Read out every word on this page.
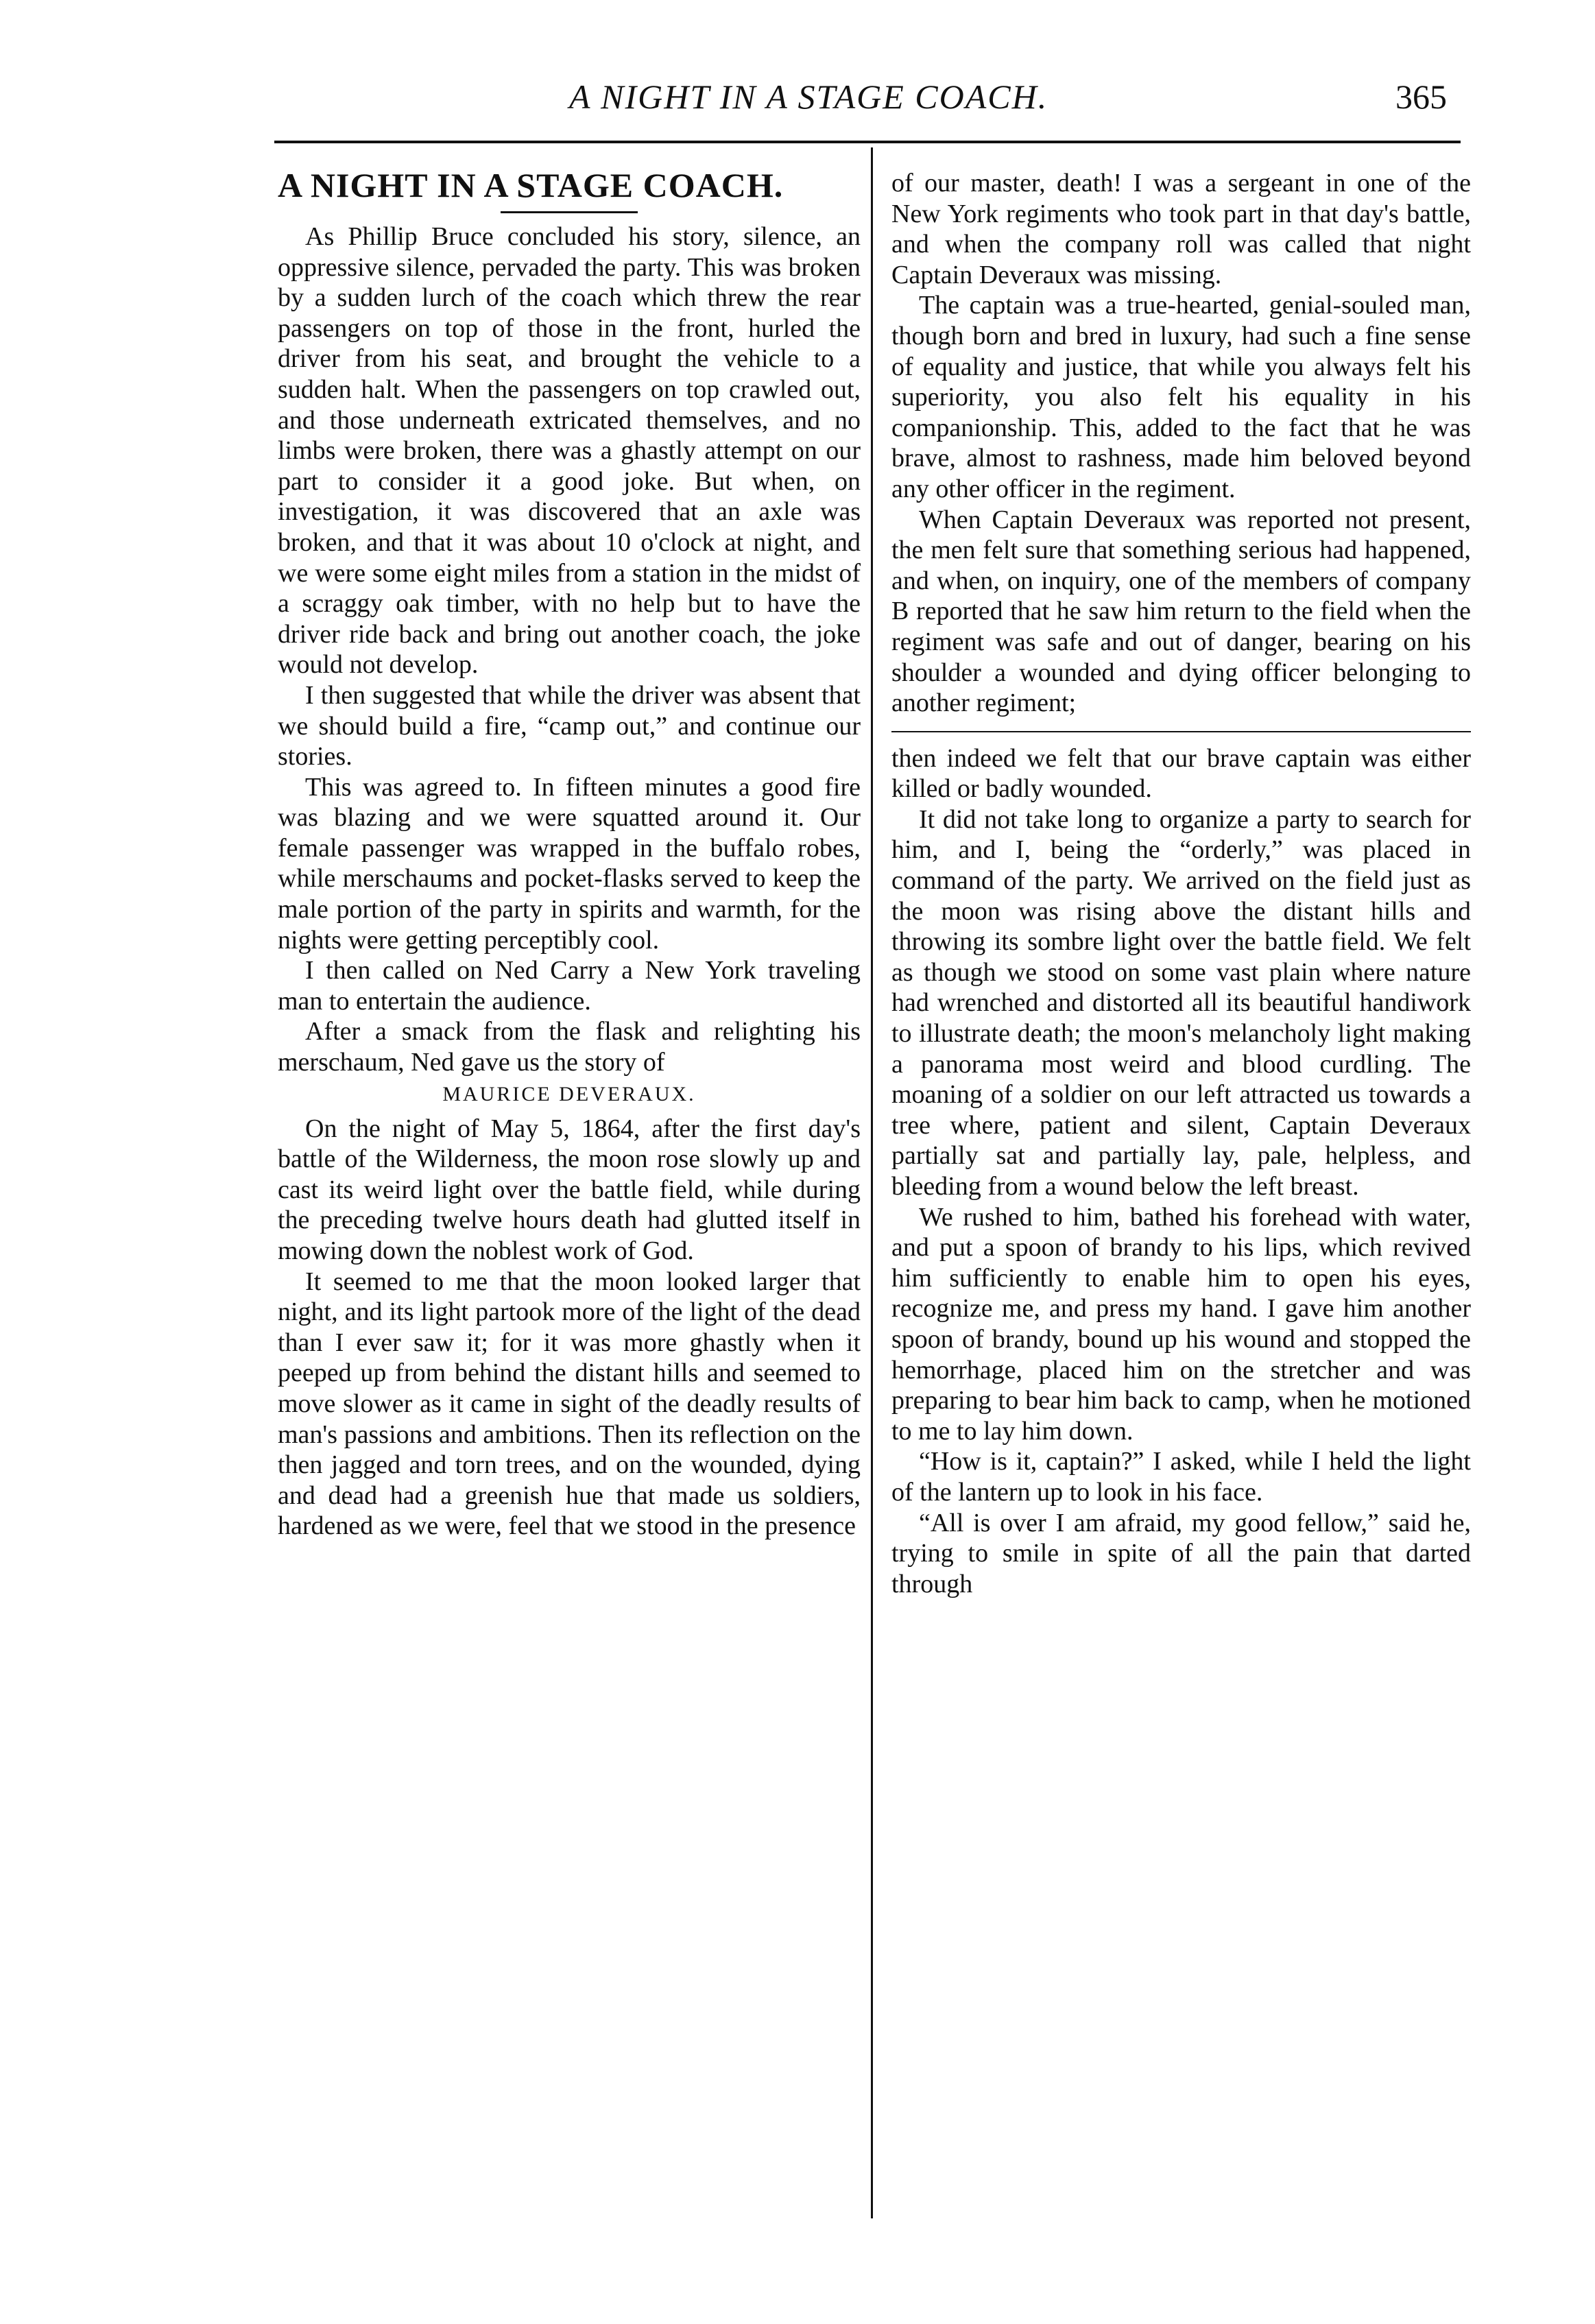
A NIGHT IN A STAGE COACH.	365
A NIGHT IN A STAGE COACH.

As Phillip Bruce concluded his story, silence, an oppressive silence, pervaded the party. This was broken by a sudden lurch of the coach which threw the rear passengers on top of those in the front, hurled the driver from his seat, and brought the vehicle to a sudden halt. When the passengers on top crawled out, and those underneath extricated themselves, and no limbs were broken, there was a ghastly attempt on our part to consider it a good joke. But when, on investigation, it was discovered that an axle was broken, and that it was about 10 o'clock at night, and we were some eight miles from a station in the midst of a scraggy oak timber, with no help but to have the driver ride back and bring out another coach, the joke would not develop.

I then suggested that while the driver was absent that we should build a fire, “camp out,” and continue our stories.

This was agreed to. In fifteen minutes a good fire was blazing and we were squatted around it. Our female passenger was wrapped in the buffalo robes, while merschaums and pocket-flasks served to keep the male portion of the party in spirits and warmth, for the nights were getting perceptibly cool.

I then called on Ned Carry a New York traveling man to entertain the audience.

After a smack from the flask and relighting his merschaum, Ned gave us the story of

MAURICE DEVERAUX.

On the night of May 5, 1864, after the first day's battle of the Wilderness, the moon rose slowly up and cast its weird light over the battle field, while during the preceding twelve hours death had glutted itself in mowing down the noblest work of God.

It seemed to me that the moon looked larger that night, and its light partook more of the light of the dead than I ever saw it; for it was more ghastly when it peeped up from behind the distant hills and seemed to move slower as it came in sight of the deadly results of man's passions and ambitions. Then its reflection on the then jagged and torn trees, and on the wounded, dying and dead had a greenish hue that made us soldiers, hardened as we were, feel that we stood in the presence

of our master, death! I was a sergeant in one of the New York regiments who took part in that day's battle, and when the company roll was called that night Captain Deveraux was missing.

The captain was a true-hearted, genial-souled man, though born and bred in luxury, had such a fine sense of equality and justice, that while you always felt his superiority, you also felt his equality in his companionship. This, added to the fact that he was brave, almost to rashness, made him beloved beyond any other officer in the regiment.

When Captain Deveraux was reported not present, the men felt sure that something serious had happened, and when, on inquiry, one of the members of company B reported that he saw him return to the field when the regiment was safe and out of danger, bearing on his shoulder a wounded and dying officer belonging to another regiment;

then indeed we felt that our brave captain was either killed or badly wounded.

It did not take long to organize a party to search for him, and I, being the “orderly,” was placed in command of the party. We arrived on the field just as the moon was rising above the distant hills and throwing its sombre light over the battle field. We felt as though we stood on some vast plain where nature had wrenched and distorted all its beautiful handiwork to illustrate death; the moon's melancholy light making a panorama most weird and blood curdling. The moaning of a soldier on our left attracted us towards a tree where, patient and silent, Captain Deveraux partially sat and partially lay, pale, helpless, and bleeding from a wound below the left breast.

We rushed to him, bathed his forehead with water, and put a spoon of brandy to his lips, which revived him sufficiently to enable him to open his eyes, recognize me, and press my hand. I gave him another spoon of brandy, bound up his wound and stopped the hemorrhage, placed him on the stretcher and was preparing to bear him back to camp, when he motioned to me to lay him down.

“How is it, captain?” I asked, while I held the light of the lantern up to look in his face.

“All is over I am afraid, my good fellow,” said he, trying to smile in spite of all the pain that darted through
